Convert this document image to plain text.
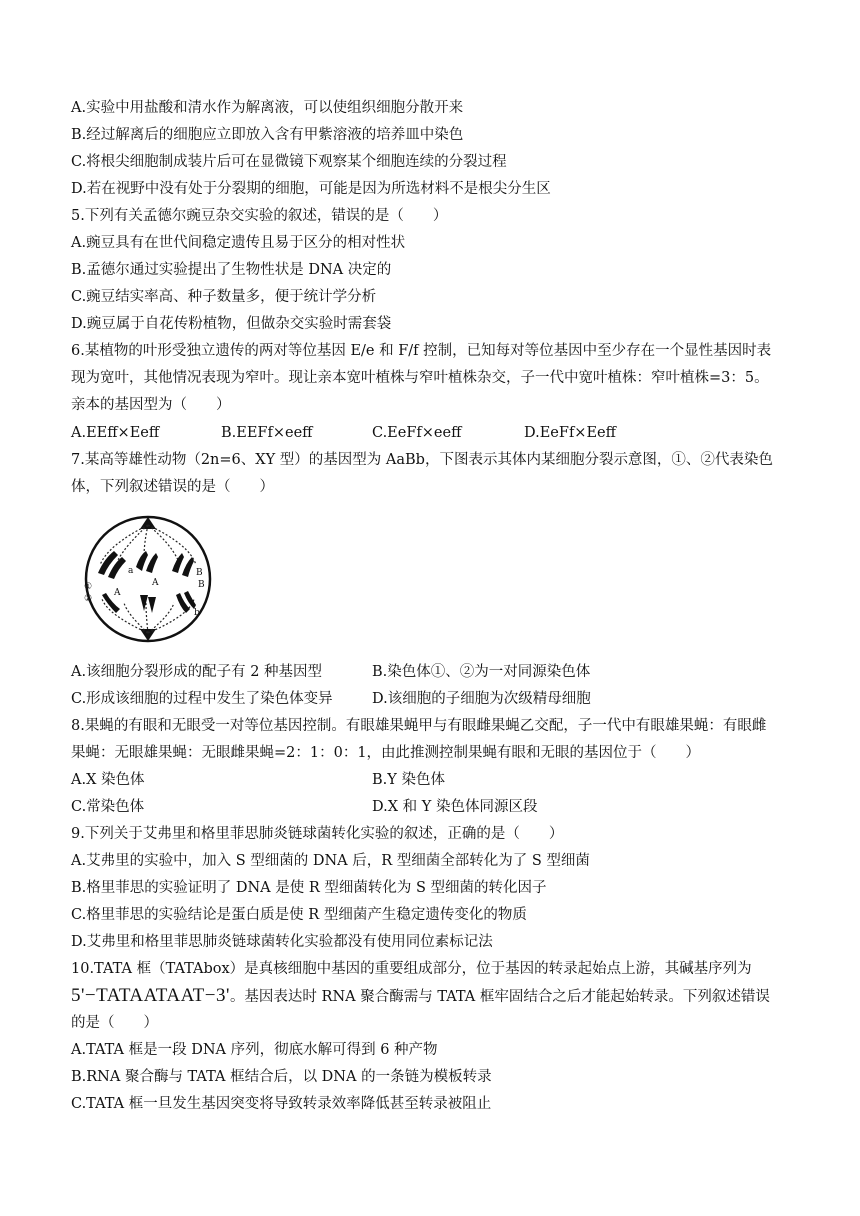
A.实验中用盐酸和清水作为解离液，可以使组织细胞分散开来
B.经过解离后的细胞应立即放入含有甲紫溶液的培养皿中染色
C.将根尖细胞制成装片后可在显微镜下观察某个细胞连续的分裂过程
D.若在视野中没有处于分裂期的细胞，可能是因为所选材料不是根尖分生区
5.下列有关孟德尔豌豆杂交实验的叙述，错误的是（　　）
A.豌豆具有在世代间稳定遗传且易于区分的相对性状
B.孟德尔通过实验提出了生物性状是 DNA 决定的
C.豌豆结实率高、种子数量多，便于统计学分析
D.豌豆属于自花传粉植物，但做杂交实验时需套袋
6.某植物的叶形受独立遗传的两对等位基因 E/e 和 F/f 控制，已知每对等位基因中至少存在一个显性基因时表
现为宽叶，其他情况表现为窄叶。现让亲本宽叶植株与窄叶植株杂交，子一代中宽叶植株：窄叶植株=3：5。
亲本的基因型为（　　）
A.EEff×Eeff	B.EEFf×eeff	C.EeFf×eeff	D.EeFf×Eeff
7.某高等雄性动物（2n=6、XY 型）的基因型为 AaBb，下图表示其体内某细胞分裂示意图，①、②代表染色
体，下列叙述错误的是（　　）
①
②
a
A
B
B
b
A
A.该细胞分裂形成的配子有 2 种基因型	B.染色体①、②为一对同源染色体
C.形成该细胞的过程中发生了染色体变异	D.该细胞的子细胞为次级精母细胞
8.果蝇的有眼和无眼受一对等位基因控制。有眼雄果蝇甲与有眼雌果蝇乙交配，子一代中有眼雄果蝇：有眼雌
果蝇：无眼雄果蝇：无眼雌果蝇=2：1：0：1，由此推测控制果蝇有眼和无眼的基因位于（　　）
A.X 染色体	B.Y 染色体
C.常染色体	D.X 和 Y 染色体同源区段
9.下列关于艾弗里和格里菲思肺炎链球菌转化实验的叙述，正确的是（　　）
A.艾弗里的实验中，加入 S 型细菌的 DNA 后，R 型细菌全部转化为了 S 型细菌
B.格里菲思的实验证明了 DNA 是使 R 型细菌转化为 S 型细菌的转化因子
C.格里菲思的实验结论是蛋白质是使 R 型细菌产生稳定遗传变化的物质
D.艾弗里和格里菲思肺炎链球菌转化实验都没有使用同位素标记法
10.TATA 框（TATAbox）是真核细胞中基因的重要组成部分，位于基因的转录起始点上游，其碱基序列为
5'−TATAATAAT−3'。基因表达时 RNA 聚合酶需与 TATA 框牢固结合之后才能起始转录。下列叙述错误
的是（　　）
A.TATA 框是一段 DNA 序列，彻底水解可得到 6 种产物
B.RNA 聚合酶与 TATA 框结合后，以 DNA 的一条链为模板转录
C.TATA 框一旦发生基因突变将导致转录效率降低甚至转录被阻止
